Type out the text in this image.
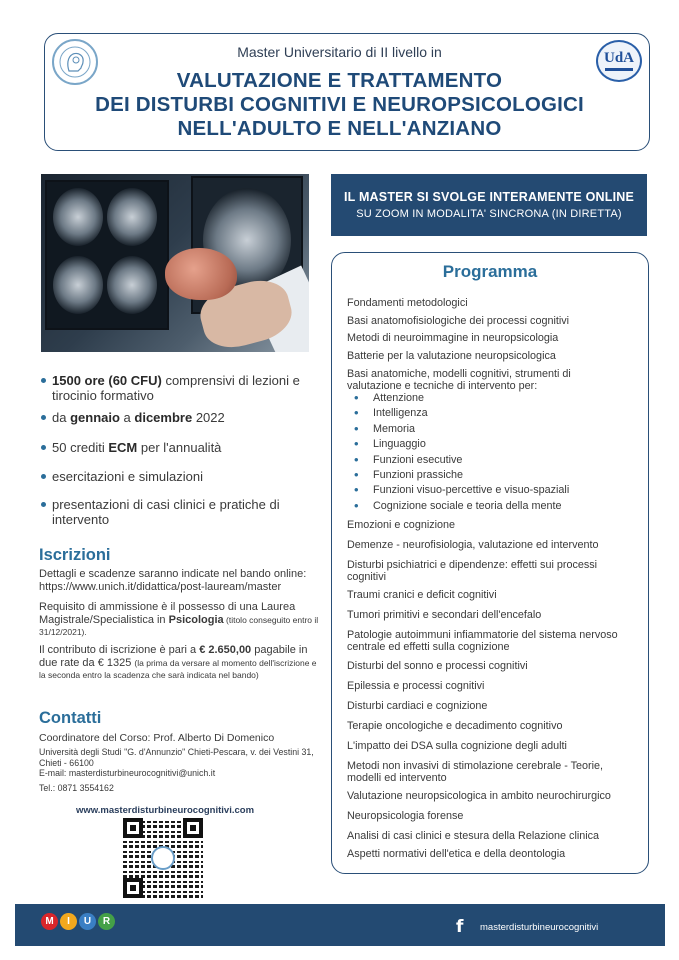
UdA
Master Universitario di II livello in
VALUTAZIONE E TRATTAMENTO
DEI DISTURBI COGNITIVI E NEUROPSICOLOGICI
NELL'ADULTO E NELL'ANZIANO
IL MASTER SI SVOLGE INTERAMENTE ONLINE
SU ZOOM IN MODALITA' SINCRONA (IN DIRETTA)
1500 ore (60 CFU) comprensivi di lezioni e tirocinio formativo
da gennaio a dicembre 2022
50 crediti ECM per l'annualità
esercitazioni e simulazioni
presentazioni di casi clinici e pratiche di intervento
Iscrizioni
Dettagli e scadenze saranno indicate nel bando online:
https://www.unich.it/didattica/post-lauream/master
Requisito di ammissione è il possesso di una Laurea Magistrale/Specialistica in Psicologia (titolo conseguito entro il 31/12/2021).
Il contributo di iscrizione è pari a € 2.650,00 pagabile in due rate da € 1325 (la prima da versare al momento dell'iscrizione e la seconda entro la scadenza che sarà indicata nel bando)
Contatti
Coordinatore del Corso: Prof. Alberto Di Domenico
Università degli Studi "G. d'Annunzio" Chieti-Pescara, v. dei Vestini 31, Chieti - 66100
E-mail: masterdisturbineurocognitivi@unich.it
Tel.: 0871 3554162
www.masterdisturbineurocognitivi.com
Programma
Fondamenti metodologici
Basi anatomofisiologiche dei processi cognitivi
Metodi di neuroimmagine in neuropsicologia
Batterie per la valutazione neuropsicologica
Basi anatomiche, modelli cognitivi, strumenti di valutazione e tecniche di intervento per:
• Attenzione
• Intelligenza
• Memoria
• Linguaggio
• Funzioni esecutive
• Funzioni prassiche
• Funzioni visuo-percettive e visuo-spaziali
• Cognizione sociale e teoria della mente
Emozioni e cognizione
Demenze - neurofisiologia, valutazione ed intervento
Disturbi psichiatrici e dipendenze: effetti sui processi cognitivi
Traumi cranici e deficit cognitivi
Tumori primitivi e secondari dell'encefalo
Patologie autoimmuni infiammatorie del sistema nervoso centrale ed effetti sulla cognizione
Disturbi del sonno e processi cognitivi
Epilessia e processi cognitivi
Disturbi cardiaci e cognizione
Terapie oncologiche e decadimento cognitivo
L'impatto dei DSA sulla cognizione degli adulti
Metodi non invasivi di stimolazione cerebrale - Teorie, modelli ed intervento
Valutazione neuropsicologica in ambito neurochirurgico
Neuropsicologia forense
Analisi di casi clinici e stesura della Relazione clinica
Aspetti normativi dell'etica e della deontologia
M	I	U	R	f masterdisturbineurocognitivi
